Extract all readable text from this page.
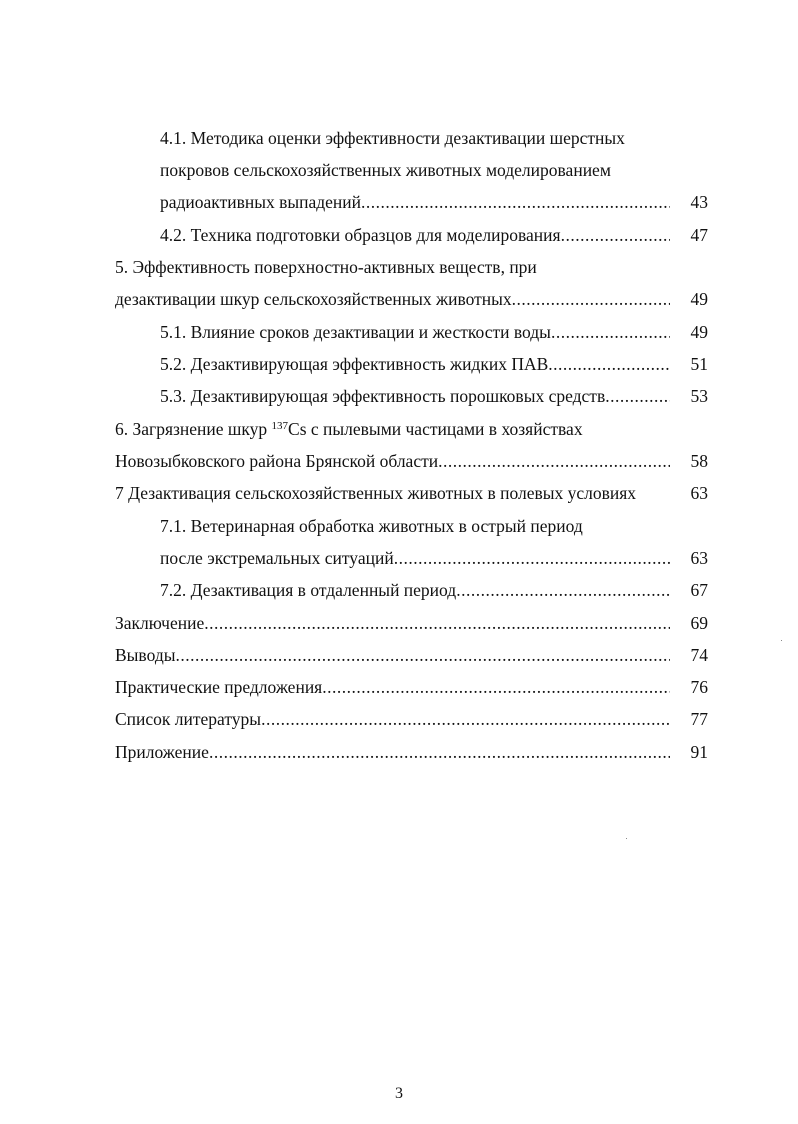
4.1. Методика оценки эффективности дезактивации шерстных
покровов сельскохозяйственных животных моделированием
радиоактивных выпадений .....	43
4.2. Техника подготовки образцов для моделирования .....	47
5. Эффективность поверхностно-активных веществ, при
дезактивации шкур сельскохозяйственных животных .....	49
5.1. Влияние сроков дезактивации и жесткости воды .....	49
5.2. Дезактивирующая эффективность жидких ПАВ .....	51
5.3. Дезактивирующая эффективность порошковых средств .....	53
6. Загрязнение шкур $^{137}$Cs с пылевыми частицами в хозяйствах
Новозыбковского района Брянской области .....	58
7 Дезактивация сельскохозяйственных животных в полевых условиях	63
7.1. Ветеринарная обработка животных в острый период
после экстремальных ситуаций .....	63
7.2. Дезактивация в отдаленный период .....	67
Заключение .....	69
Выводы .....	74
Практические предложения .....	76
Список литературы .....	77
Приложение .....	91
3
